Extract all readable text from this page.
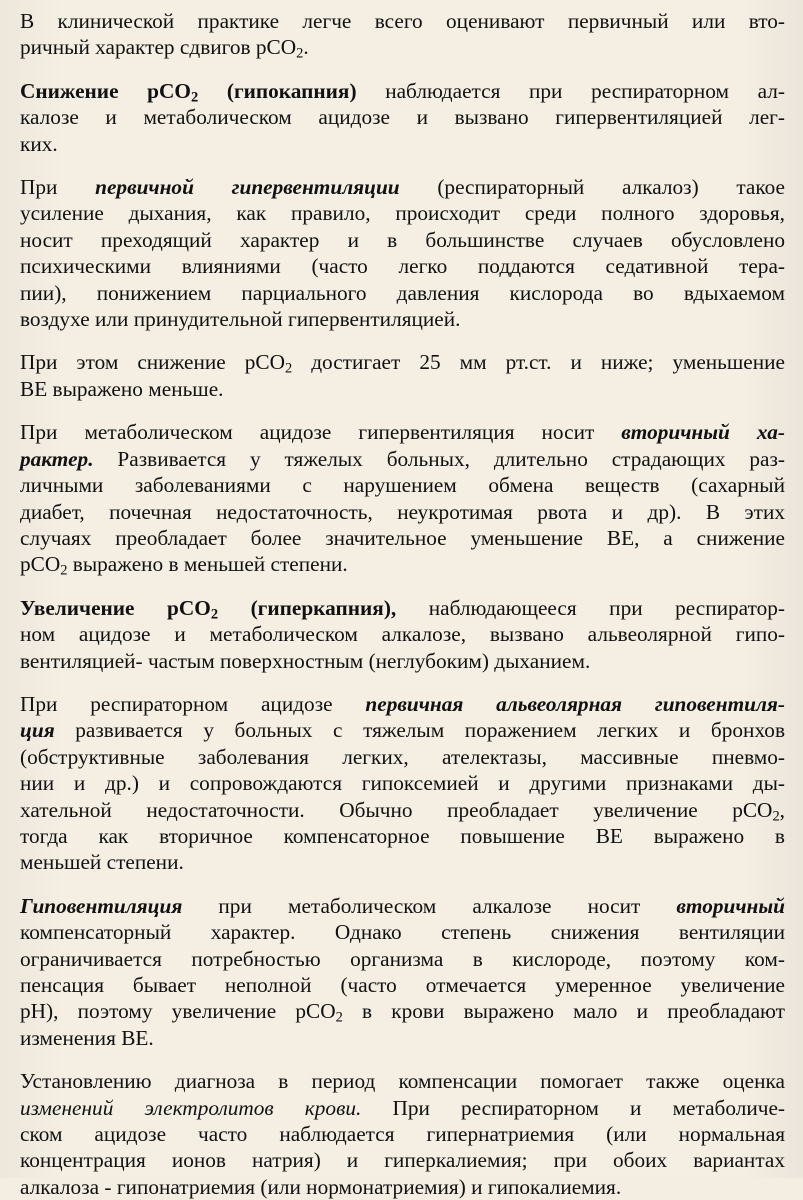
В клинической практике легче всего оценивают первичный или вто-
ричный характер сдвигов pCO$_2$.

Снижение pCO$_2$ (гипокапния) наблюдается при респираторном ал-
калозе и метаболическом ацидозе и вызвано гипервентиляцией лег-
ких.

При первичной гипервентиляции (респираторный алкалоз) такое
усиление дыхания, как правило, происходит среди полного здоровья,
носит преходящий характер и в большинстве случаев обусловлено
психическими влияниями (часто легко поддаются седативной тера-
пии), понижением парциального давления кислорода во вдыхаемом
воздухе или принудительной гипервентиляцией.

При этом снижение pCO$_2$ достигает 25 мм рт.ст. и ниже; уменьшение
BE выражено меньше.

При метаболическом ацидозе гипервентиляция носит вторичный ха-
рактер. Развивается у тяжелых больных, длительно страдающих раз-
личными заболеваниями с нарушением обмена веществ (сахарный
диабет, почечная недостаточность, неукротимая рвота и др). В этих
случаях преобладает более значительное уменьшение BE, а снижение
pCO$_2$ выражено в меньшей степени.

Увеличение pCO$_2$ (гиперкапния), наблюдающееся при респиратор-
ном ацидозе и метаболическом алкалозе, вызвано альвеолярной гипо-
вентиляцией- частым поверхностным (неглубоким) дыханием.

При респираторном ацидозе первичная альвеолярная гиповентиля-
ция развивается у больных с тяжелым поражением легких и бронхов
(обструктивные заболевания легких, ателектазы, массивные пневмо-
нии и др.) и сопровождаются гипоксемией и другими признаками ды-
хательной недостаточности. Обычно преобладает увеличение pCO$_2$,
тогда как вторичное компенсаторное повышение BE выражено в
меньшей степени.

Гиповентиляция при метаболическом алкалозе носит вторичный
компенсаторный характер. Однако степень снижения вентиляции
ограничивается потребностью организма в кислороде, поэтому ком-
пенсация бывает неполной (часто отмечается умеренное увеличение
pH), поэтому увеличение pCO$_2$ в крови выражено мало и преобладают
изменения BE.

Установлению диагноза в период компенсации помогает также оценка
изменений электролитов крови. При респираторном и метаболиче-
ском ацидозе часто наблюдается гипернатриемия (или нормальная
концентрация ионов натрия) и гиперкалиемия; при обоих вариантах
алкалоза - гипонатриемия (или нормонатриемия) и гипокалиемия.
